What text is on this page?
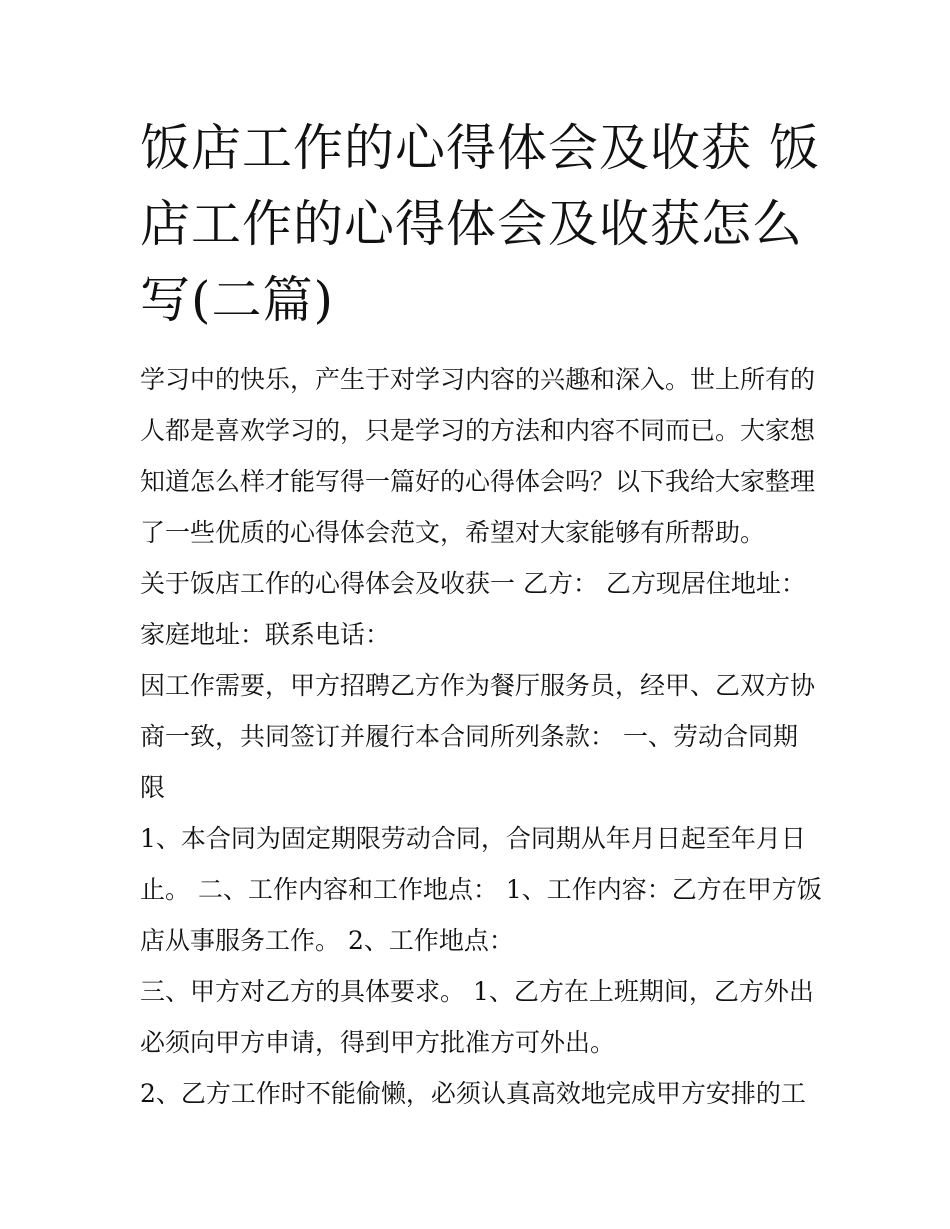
饭店工作的心得体会及收获 饭
店工作的心得体会及收获怎么
写(二篇)

学习中的快乐，产生于对学习内容的兴趣和深入。世上所有的
人都是喜欢学习的，只是学习的方法和内容不同而已。大家想
知道怎么样才能写得一篇好的心得体会吗？以下我给大家整理
了一些优质的心得体会范文，希望对大家能够有所帮助。

关于饭店工作的心得体会及收获一 乙方： 乙方现居住地址：
家庭地址：联系电话：

因工作需要，甲方招聘乙方作为餐厅服务员，经甲、乙双方协
商一致，共同签订并履行本合同所列条款： 一、劳动合同期
限

1、本合同为固定期限劳动合同，合同期从年月日起至年月日
止。 二、工作内容和工作地点： 1、工作内容：乙方在甲方饭
店从事服务工作。 2、工作地点：

三、甲方对乙方的具体要求。 1、乙方在上班期间，乙方外出
必须向甲方申请，得到甲方批准方可外出。

2、乙方工作时不能偷懒，必须认真高效地完成甲方安排的工
